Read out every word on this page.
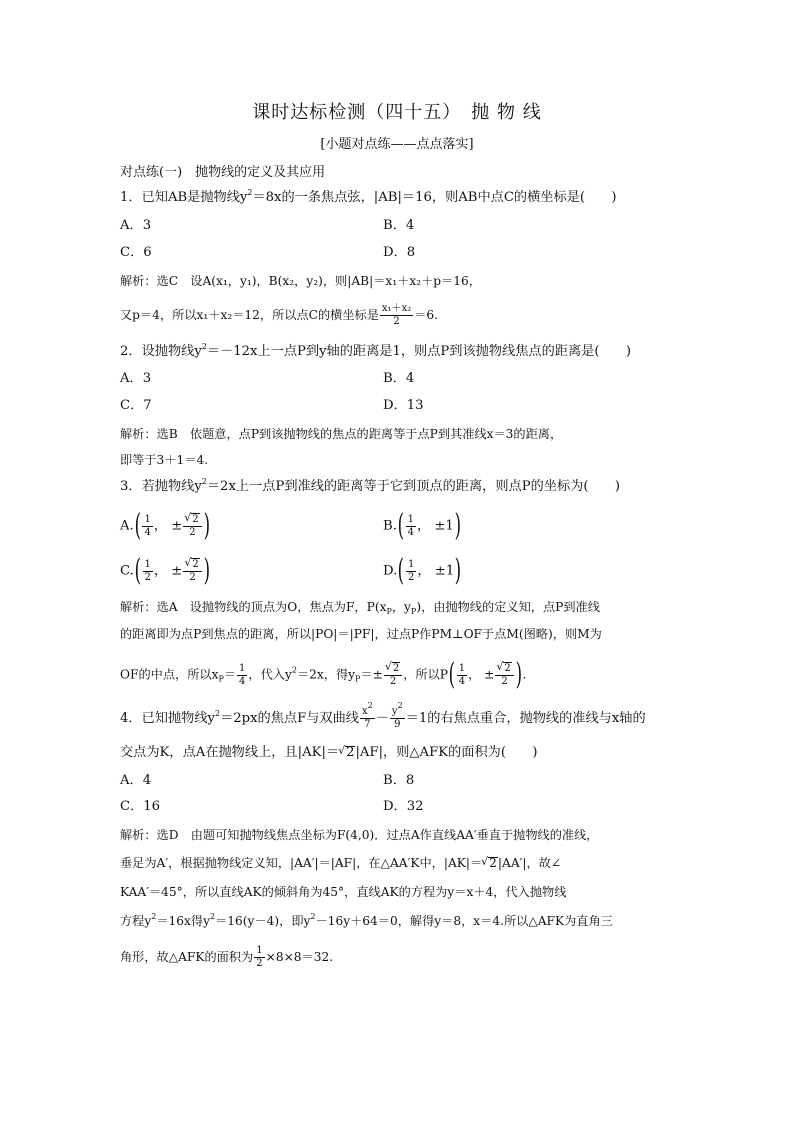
课时达标检测（四十五）　抛 物 线
[小题对点练——点点落实]
对点练(一)　抛物线的定义及其应用
1．已知AB是抛物线$y^2=8x$的一条焦点弦，|AB|＝16，则AB中点C的横坐标是(　　)
A．3	B．4
C．6	D．8
解析：选C　设A(x₁，y₁)，B(x₂，y₂)，则|AB|＝x₁＋x₂＋p＝16，
又p＝4，所以x₁＋x₂＝12，所以点C的横坐标是 $\frac{\text{x₁＋x₂}}{2} =6$.
2．设抛物线$y^2=-12x$上一点P到y轴的距离是1，则点P到该抛物线焦点的距离是(　　)
A．3	B．4
C．7	D．13
解析：选B　依题意，点P到该抛物线的焦点的距离等于点P到其准线x＝3的距离，
即等于3＋1＝4.
3．若抛物线$y^2=2x$上一点P到准线的距离等于它到顶点的距离，则点P的坐标为(　　)
$A.( \frac{1}{4}$ ， ± √ $\frac{2}{2}$ )	$B.( \frac{1}{4}$ ， ±1)
$C.( \frac{1}{2}$ ， ± √ $\frac{2}{2}$ )	$D.( \frac{1}{2}$ ， ±1)
解析：选A　设抛物线的顶点为O，焦点为F，$P(x_P$，$y_P$)，由抛物线的定义知，点P到准线
的距离即为点P到焦点的距离，所以|PO|＝|PF|，过点P作PM⊥OF于点M(图略)，则M为
OF的中点，所以$x_P= \frac{1}{4}$ ，代入$y^2=2x$，得$y_P=\pm$ √ $\frac{2}{2}$ ，所以$P( \frac{1}{4}$ ， ± √ $\frac{2}{2}$ ).
4．已知抛物线$y^2=2px$的焦点F与双曲线 $\frac{x^2}{7} - \frac{y^2}{9} =1$的右焦点重合，抛物线的准线与x轴的
交点为K，点A在抛物线上，且|AK|＝ √ 2|AF|，则△AFK的面积为(　　)
A．4	B．8
C．16	D．32
解析：选D　由题可知抛物线焦点坐标为F(4,0)．过点A作直线AA′垂直于抛物线的准线，
垂足为A′，根据抛物线定义知，|AA′|＝|AF|，在△AA′K中，|AK|＝ √ 2|AA′|，故∠
KAA′＝45°，所以直线AK的倾斜角为45°，直线AK的方程为y＝x＋4，代入抛物线
方程$y^2=16x$得$y^2=16(y-4)$，即$y^2-16y+64=0$，解得y＝8，x＝4.所以△AFK为直角三
角形，故△AFK的面积为 $\frac{1}{2} \times 8\times 8=32$.
